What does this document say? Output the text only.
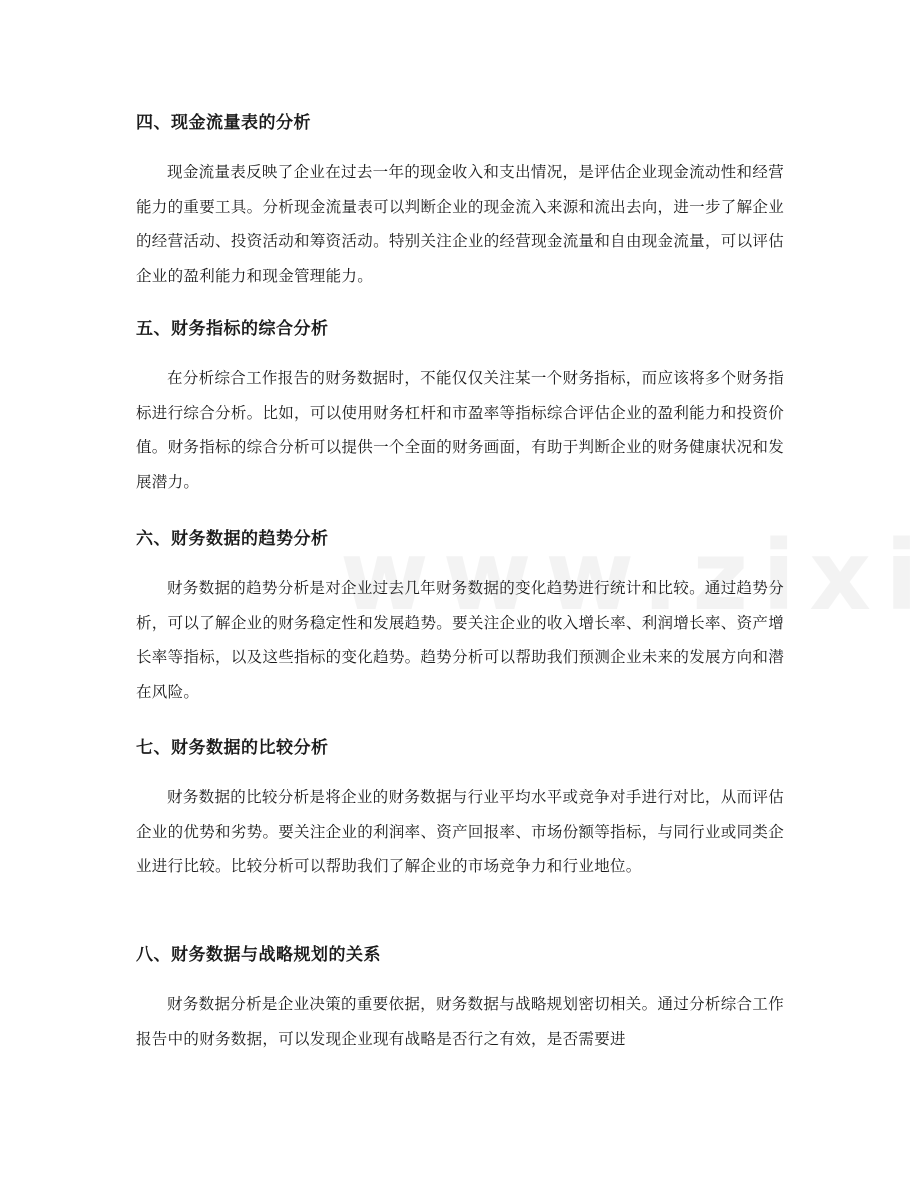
四、现金流量表的分析

现金流量表反映了企业在过去一年的现金收入和支出情况，是评估企业现金流动性和经营能力的重要工具。分析现金流量表可以判断企业的现金流入来源和流出去向，进一步了解企业的经营活动、投资活动和筹资活动。特别关注企业的经营现金流量和自由现金流量，可以评估企业的盈利能力和现金管理能力。

五、财务指标的综合分析

在分析综合工作报告的财务数据时，不能仅仅关注某一个财务指标，而应该将多个财务指标进行综合分析。比如，可以使用财务杠杆和市盈率等指标综合评估企业的盈利能力和投资价值。财务指标的综合分析可以提供一个全面的财务画面，有助于判断企业的财务健康状况和发展潜力。

六、财务数据的趋势分析

财务数据的趋势分析是对企业过去几年财务数据的变化趋势进行统计和比较。通过趋势分析，可以了解企业的财务稳定性和发展趋势。要关注企业的收入增长率、利润增长率、资产增长率等指标，以及这些指标的变化趋势。趋势分析可以帮助我们预测企业未来的发展方向和潜在风险。

七、财务数据的比较分析

财务数据的比较分析是将企业的财务数据与行业平均水平或竞争对手进行对比，从而评估企业的优势和劣势。要关注企业的利润率、资产回报率、市场份额等指标，与同行业或同类企业进行比较。比较分析可以帮助我们了解企业的市场竞争力和行业地位。

八、财务数据与战略规划的关系

财务数据分析是企业决策的重要依据，财务数据与战略规划密切相关。通过分析综合工作报告中的财务数据，可以发现企业现有战略是否行之有效，是否需要进
